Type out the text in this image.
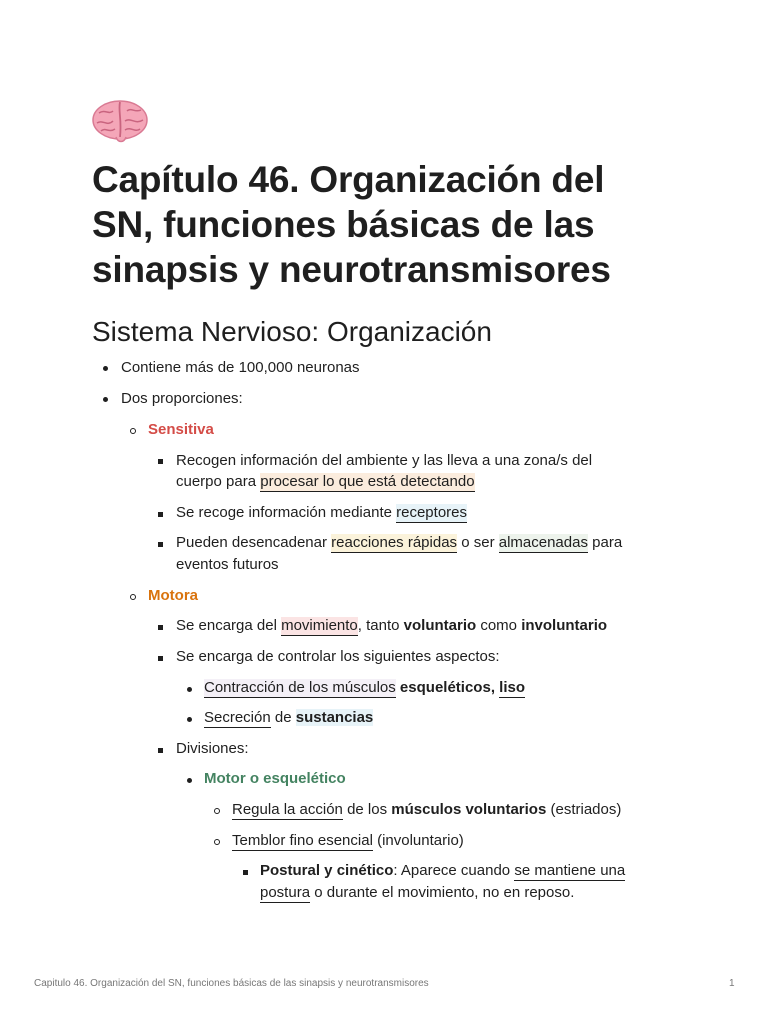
Capítulo 46. Organización del
SN, funciones básicas de las
sinapsis y neurotransmisores
Sistema Nervioso: Organización
Contiene más de 100,000 neuronas
Dos proporciones:
Sensitiva
Recogen información del ambiente y las lleva a una zona/s del
cuerpo para procesar lo que está detectando
Se recoge información mediante receptores
Pueden desencadenar reacciones rápidas o ser almacenadas para
eventos futuros
Motora
Se encarga del movimiento, tanto voluntario como involuntario
Se encarga de controlar los siguientes aspectos:
Contracción de los músculos esqueléticos, liso
Secreción de sustancias
Divisiones:
Motor o esquelético
Regula la acción de los músculos voluntarios (estriados)
Temblor fino esencial (involuntario)
Postural y cinético: Aparece cuando se mantiene una
postura o durante el movimiento, no en reposo.
Capitulo 46. Organización del SN, funciones básicas de las sinapsis y neurotransmisores	1
